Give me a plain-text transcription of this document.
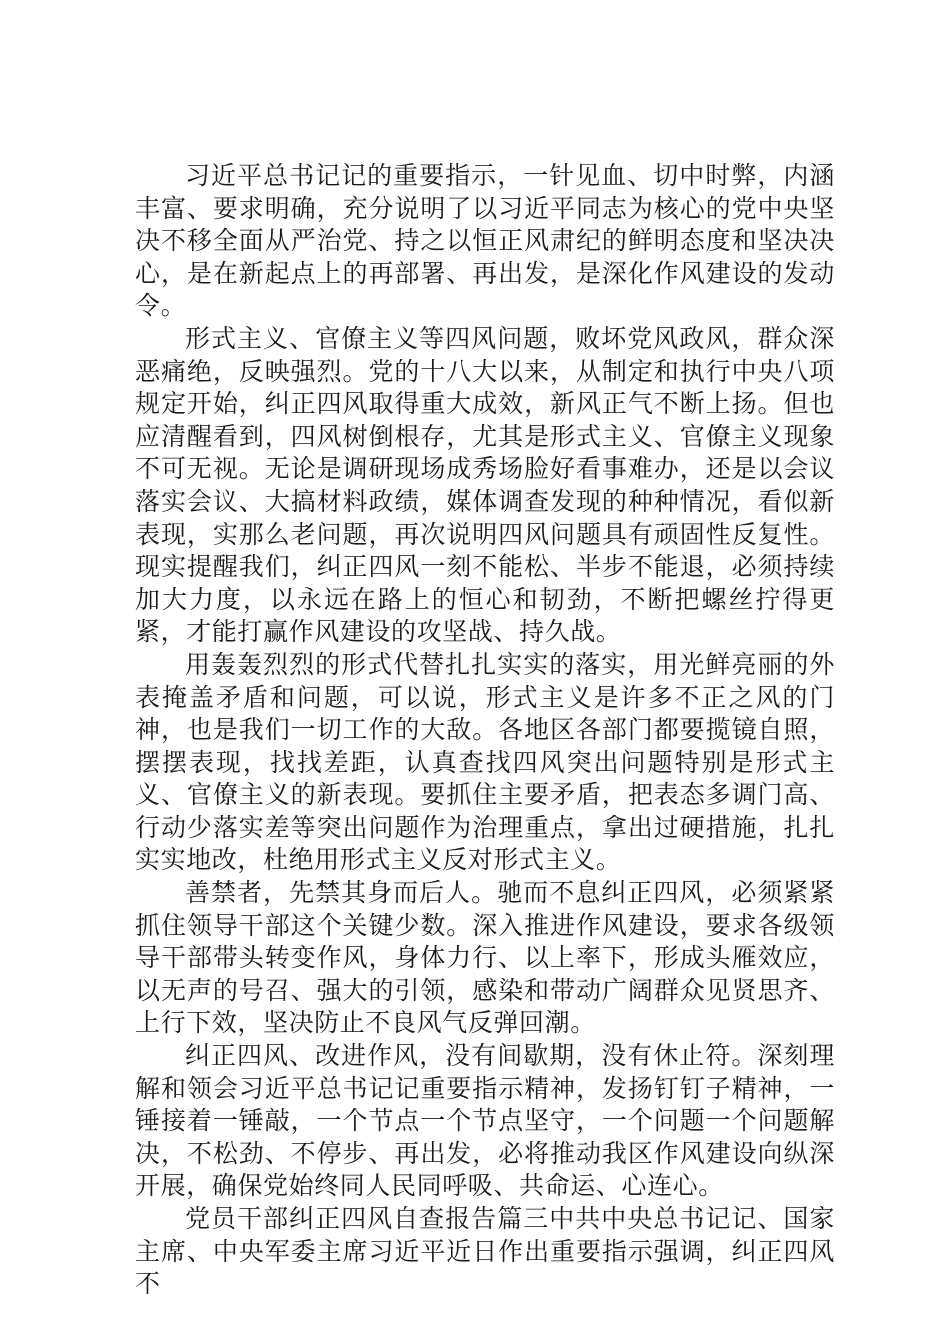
习近平总书记记的重要指示，一针见血、切中时弊，内涵丰富、要求明确，充分说明了以习近平同志为核心的党中央坚决不移全面从严治党、持之以恒正风肃纪的鲜明态度和坚决决心，是在新起点上的再部署、再出发，是深化作风建设的发动令。

形式主义、官僚主义等四风问题，败坏党风政风，群众深恶痛绝，反映强烈。党的十八大以来，从制定和执行中央八项规定开始，纠正四风取得重大成效，新风正气不断上扬。但也应清醒看到，四风树倒根存，尤其是形式主义、官僚主义现象不可无视。无论是调研现场成秀场脸好看事难办，还是以会议落实会议、大搞材料政绩，媒体调查发现的种种情况，看似新表现，实那么老问题，再次说明四风问题具有顽固性反复性。现实提醒我们，纠正四风一刻不能松、半步不能退，必须持续加大力度，以永远在路上的恒心和韧劲，不断把螺丝拧得更紧，才能打赢作风建设的攻坚战、持久战。

用轰轰烈烈的形式代替扎扎实实的落实，用光鲜亮丽的外表掩盖矛盾和问题，可以说，形式主义是许多不正之风的门神，也是我们一切工作的大敌。各地区各部门都要揽镜自照，摆摆表现，找找差距，认真查找四风突出问题特别是形式主义、官僚主义的新表现。要抓住主要矛盾，把表态多调门高、行动少落实差等突出问题作为治理重点，拿出过硬措施，扎扎实实地改，杜绝用形式主义反对形式主义。

善禁者，先禁其身而后人。驰而不息纠正四风，必须紧紧抓住领导干部这个关键少数。深入推进作风建设，要求各级领导干部带头转变作风，身体力行、以上率下，形成头雁效应，以无声的号召、强大的引领，感染和带动广阔群众见贤思齐、上行下效，坚决防止不良风气反弹回潮。

纠正四风、改进作风，没有间歇期，没有休止符。深刻理解和领会习近平总书记记重要指示精神，发扬钉钉子精神，一锤接着一锤敲，一个节点一个节点坚守，一个问题一个问题解决，不松劲、不停步、再出发，必将推动我区作风建设向纵深开展，确保党始终同人民同呼吸、共命运、心连心。

党员干部纠正四风自查报告篇三中共中央总书记记、国家主席、中央军委主席习近平近日作出重要指示强调，纠正四风不
